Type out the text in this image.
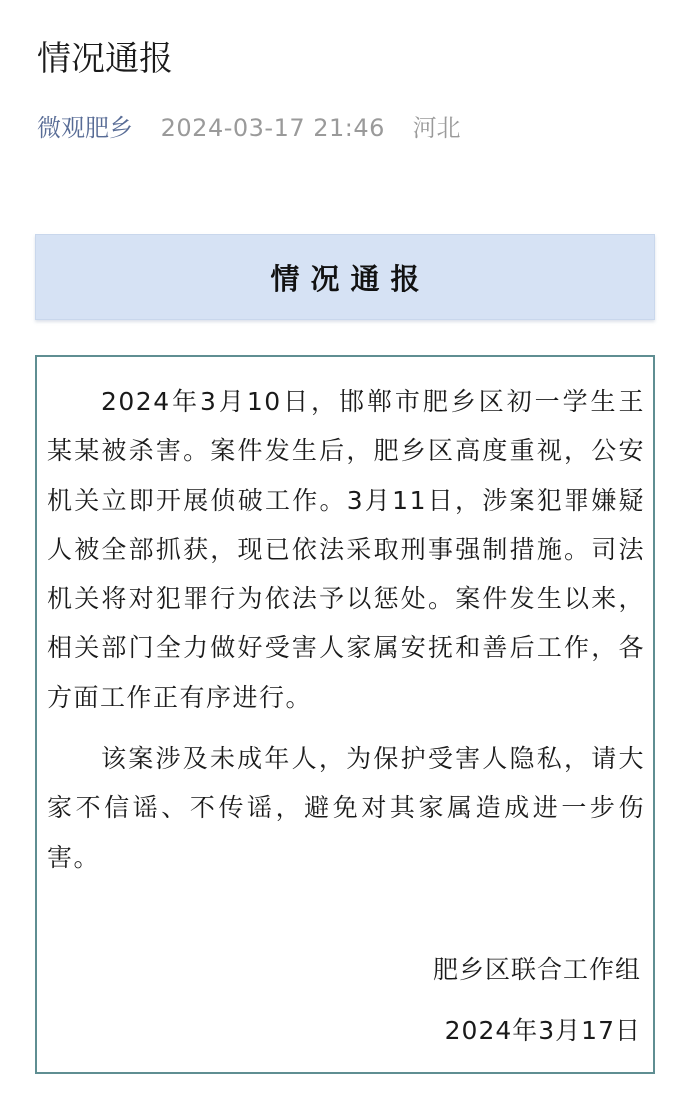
情况通报
微观肥乡 2024-03-17 21:46 河北
情况通报

2024年3月10日，邯郸市肥乡区初一学生王某某被杀害。案件发生后，肥乡区高度重视，公安机关立即开展侦破工作。3月11日，涉案犯罪嫌疑人被全部抓获，现已依法采取刑事强制措施。司法机关将对犯罪行为依法予以惩处。案件发生以来，相关部门全力做好受害人家属安抚和善后工作，各方面工作正有序进行。

该案涉及未成年人，为保护受害人隐私，请大家不信谣、不传谣，避免对其家属造成进一步伤害。

肥乡区联合工作组
2024年3月17日
